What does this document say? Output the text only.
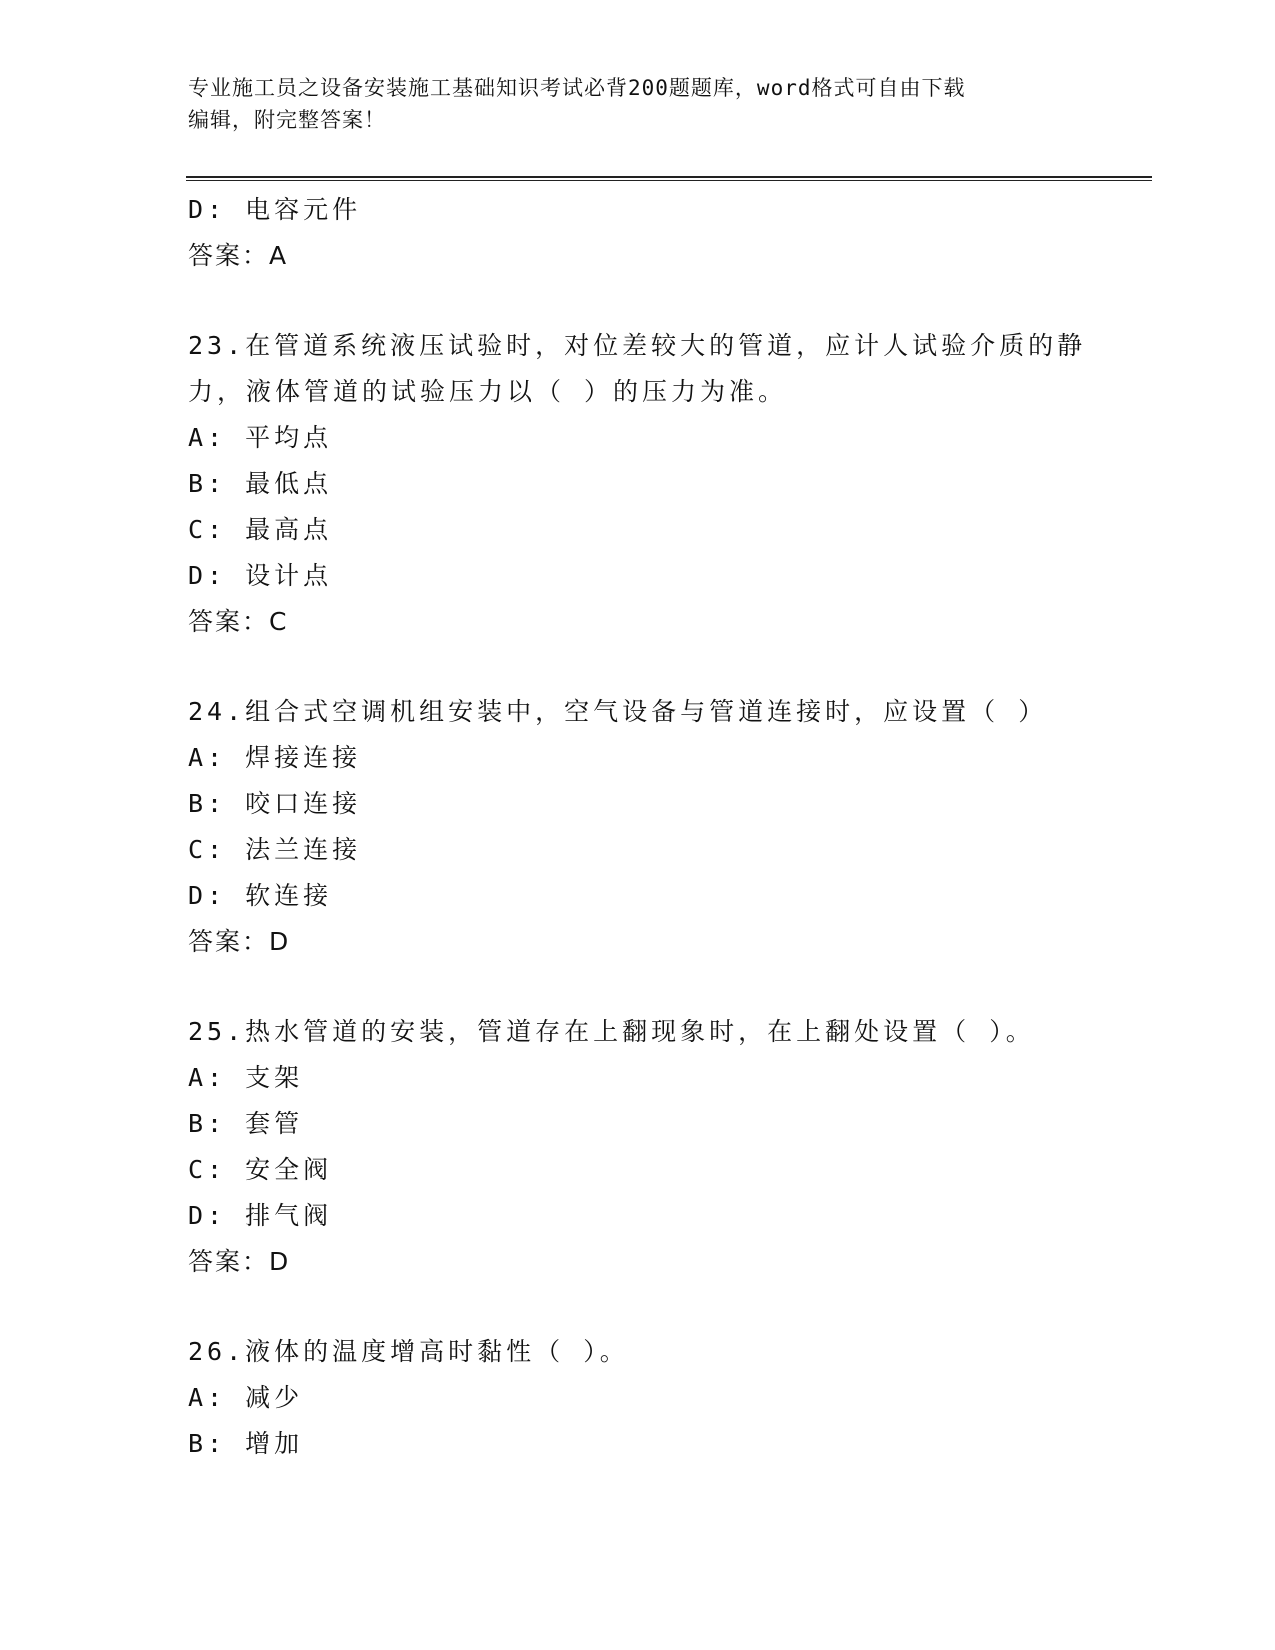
专业施工员之设备安装施工基础知识考试必背200题题库，word格式可自由下载
编辑，附完整答案！
D: 电容元件
答案：A
23.在管道系统液压试验时，对位差较大的管道，应计人试验介质的静
力，液体管道的试验压力以（ ）的压力为准。
A: 平均点
B: 最低点
C: 最高点
D: 设计点
答案：C
24.组合式空调机组安装中，空气设备与管道连接时，应设置（ ）
A: 焊接连接
B: 咬口连接
C: 法兰连接
D: 软连接
答案：D
25.热水管道的安装，管道存在上翻现象时，在上翻处设置（ ）。
A: 支架
B: 套管
C: 安全阀
D: 排气阀
答案：D
26.液体的温度增高时黏性（ ）。
A: 减少
B: 增加
